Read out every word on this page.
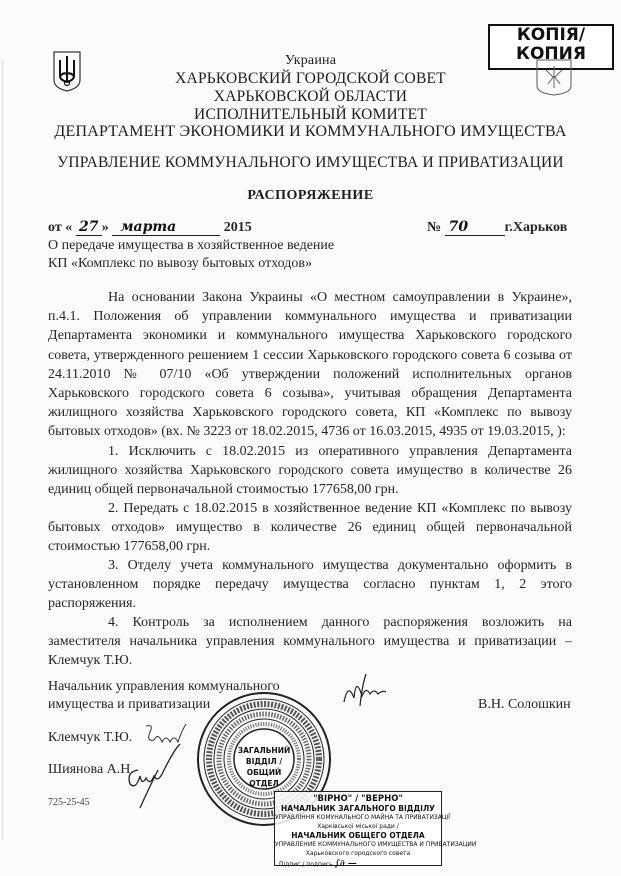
КОПІЯ/
КОПИЯ
Украина
ХАРЬКОВСКИЙ ГОРОДСКОЙ СОВЕТ
ХАРЬКОВСКОЙ ОБЛАСТИ
ИСПОЛНИТЕЛЬНЫЙ КОМИТЕТ
ДЕПАРТАМЕНТ ЭКОНОМИКИ И КОММУНАЛЬНОГО ИМУЩЕСТВА
УПРАВЛЕНИЕ КОММУНАЛЬНОГО ИМУЩЕСТВА И ПРИВАТИЗАЦИИ
РАСПОРЯЖЕНИЕ
от « 27 » марта	2015	№ 70	г.Харьков
О передаче имущества в хозяйственное ведение
КП «Комплекс по вывозу бытовых отходов»
На основании Закона Украины «О местном самоуправлении в Украине», п.4.1. Положения об управлении коммунального имущества и приватизации Департамента экономики и коммунального имущества Харьковского городского совета, утвержденного решением 1 сессии Харьковского городского совета 6 созыва от 24.11.2010 № 07/10 «Об утверждении положений исполнительных органов Харьковского городского совета 6 созыва», учитывая обращения Департамента жилищного хозяйства Харьковского городского совета, КП «Комплекс по вывозу бытовых отходов» (вх. № 3223 от 18.02.2015, 4736 от 16.03.2015, 4935 от 19.03.2015, ):
1. Исключить с 18.02.2015 из оперативного управления Департамента жилищного хозяйства Харьковского городского совета имущество в количестве 26 единиц общей первоначальной стоимостью 177658,00 грн.
2. Передать с 18.02.2015 в хозяйственное ведение КП «Комплекс по вывозу бытовых отходов» имущество в количестве 26 единиц общей первоначальной стоимостью 177658,00 грн.
3. Отделу учета коммунального имущества документально оформить в установленном порядке передачу имущества согласно пунктам 1, 2 этого распоряжения.
4. Контроль за исполнением данного распоряжения возложить на заместителя начальника управления коммунального имущества и приватизации – Клемчук Т.Ю.
Начальник управления коммунального
имущества и приватизации	В.Н. Солошкин
Клемчук Т.Ю.
Шиянова А.Н.
725-25-45
ЗАГАЛЬНИЙ
ВІДДІЛ /
ОБЩИЙ ОТДЕЛ
"ВІРНО" / "ВЕРНО"
НАЧАЛЬНИК ЗАГАЛЬНОГО ВІДДІЛУ
УПРАВЛІННЯ КОМУНАЛЬНОГО МАЙНА ТА ПРИВАТИЗАЦІЇ
Харківської міської ради /
НАЧАЛЬНИК ОБЩЕГО ОТДЕЛА
УПРАВЛЕНИЕ КОММУНАЛЬНОГО ИМУЩЕСТВА И ПРИВАТИЗАЦИИ
Харьковского городского совета
Підпис / подпись ∫∂ —
